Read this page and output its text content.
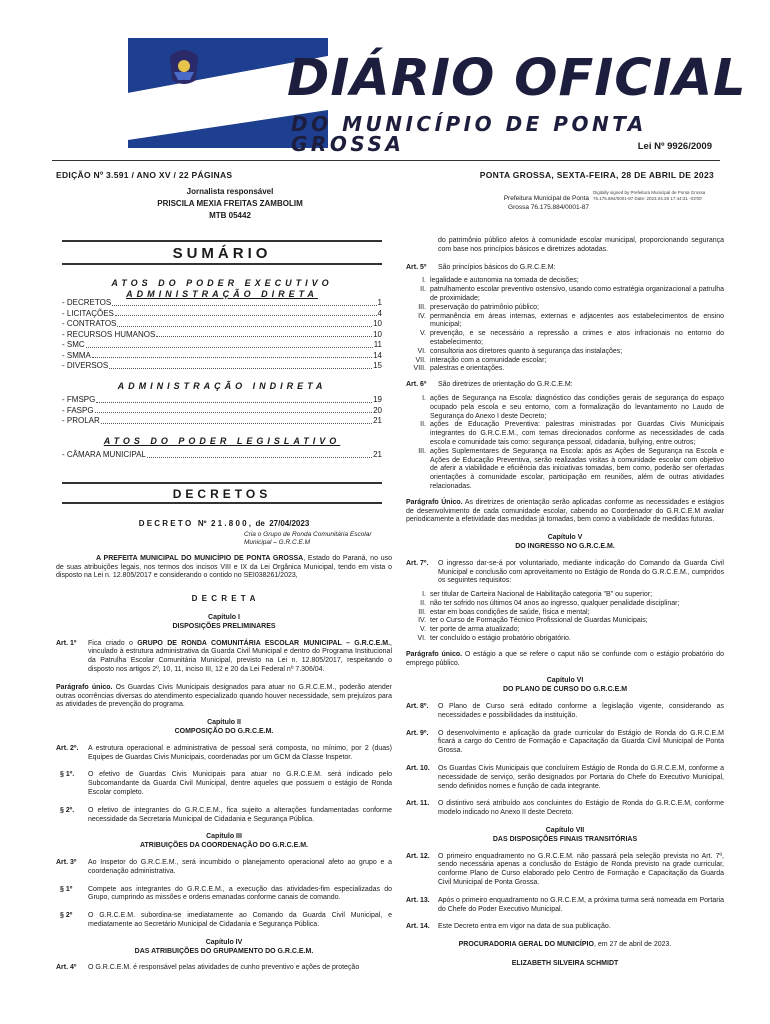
DIÁRIO OFICIAL
DO MUNICÍPIO DE PONTA GROSSA	Lei Nº 9926/2009
EDIÇÃO Nº 3.591 / ANO XV / 22 PÁGINAS	PONTA GROSSA, SEXTA-FEIRA, 28 DE ABRIL DE 2023
Jornalista responsável
PRISCILA MEXIA FREITAS ZAMBOLIM
MTB 05442
Prefeitura Municipal de Ponta Grossa 76.175.884/0001-87
Digitally signed by Prefeitura Municipal de Ponta Grossa 76.175.884/0001-87 Date: 2023.04.28 17:44:31 -03'00'
SUMÁRIO
ATOS DO PODER EXECUTIVO
ADMINISTRAÇÃO DIRETA
- DECRETOS	1
- LICITAÇÕES	4
- CONTRATOS	10
- RECURSOS HUMANOS	10
- SMC	11
- SMMA	14
- DIVERSOS	15
ADMINISTRAÇÃO INDIRETA
- FMSPG	19
- FASPG	20
- PROLAR	21
ATOS DO PODER LEGISLATIVO
- CÂMARA MUNICIPAL	21
DECRETOS
D E C R E T O   Nº  2 1 . 8 0 0 ,  de  27/04/2023
Cria o Grupo de Ronda Comunitária Escolar
Municipal – G.R.C.E.M
A PREFEITA MUNICIPAL DO MUNICÍPIO DE PONTA GROSSA, Estado do Paraná, no uso de suas atribuições legais, nos termos dos incisos VIII e IX da Lei Orgânica Municipal, tendo em vista o disposto na Lei n. 12.805/2017 e considerando o contido no SEI038261/2023,
D E C R E T A
Capítulo I
DISPOSIÇÕES PRELIMINARES
Art. 1º	Fica criado o GRUPO DE RONDA COMUNITÁRIA ESCOLAR MUNICIPAL – G.R.C.E.M., vinculado à estrutura administrativa da Guarda Civil Municipal e dentro do Programa Institucional da Patrulha Escolar Comunitária Municipal, previsto na Lei n. 12.805/2017, respeitando o disposto nos artigos 2º, 10, 11, inciso III, 12 e 20 da Lei Federal nº 7.306/04.
Parágrafo único. Os Guardas Civis Municipais designados para atuar no G.R.C.E.M., poderão atender outras ocorrências diversas do atendimento especializado quando houver necessidade, sem prejuízos para as atividades de prevenção do programa.
Capítulo II
COMPOSIÇÃO DO G.R.C.E.M.
Art. 2º.	A estrutura operacional e administrativa de pessoal será composta, no mínimo, por 2 (duas) Equipes de Guardas Civis Municipais, coordenadas por um GCM da Classe Inspetor.
§ 1º.	O efetivo de Guardas Civis Municipais para atuar no G.R.C.E.M. será indicado pelo Subcomandante da Guarda Civil Municipal, dentre aqueles que possuem o estágio de Ronda Escolar completo.
§ 2º.	O efetivo de integrantes do G.R.C.E.M., fica sujeito a alterações fundamentadas conforme necessidade da Secretaria Municipal de Cidadania e Segurança Pública.
Capítulo III
ATRIBUIÇÕES DA COORDENAÇÃO DO G.R.C.E.M.
Art. 3º	Ao Inspetor do G.R.C.E.M., será incumbido o planejamento operacional afeto ao grupo e a coordenação administrativa.
§ 1º	Compete aos integrantes do G.R.C.E.M., a execução das atividades-fim especializadas do Grupo, cumprindo as missões e ordens emanadas conforme canais de comando.
§ 2º	O G.R.C.E.M. subordina-se imediatamente ao Comando da Guarda Civil Municipal, e mediatamente ao Secretário Municipal de Cidadania e Segurança Pública.
Capítulo IV
DAS ATRIBUIÇÕES DO GRUPAMENTO DO G.R.C.E.M.
Art. 4º	O G.R.C.E.M. é responsável pelas atividades de cunho preventivo e ações de proteção
do patrimônio público afetos à comunidade escolar municipal, proporcionando segurança com base nos princípios básicos e diretrizes adotadas.
Art. 5º	São princípios básicos do G.R.C.E.M:
I. legalidade e autonomia na tomada de decisões;
II. patrulhamento escolar preventivo ostensivo, usando como estratégia organizacional a patrulha de proximidade;
III. preservação do patrimônio público;
IV. permanência em áreas internas, externas e adjacentes aos estabelecimentos de ensino municipal;
V. prevenção, e se necessário a repressão a crimes e atos infracionais no entorno do estabelecimento;
VI. consultoria aos diretores quanto à segurança das instalações;
VII. interação com a comunidade escolar;
VIII. palestras e orientações.
Art. 6º	São diretrizes de orientação do G.R.C.E.M:
I. ações de Segurança na Escola: diagnóstico das condições gerais de segurança do espaço ocupado pela escola e seu entorno, com a formalização do levantamento no Laudo de Segurança do Anexo I deste Decreto;
II. ações de Educação Preventiva: palestras ministradas por Guardas Civis Municipais integrantes do G.R.C.E.M., com temas direcionados conforme as necessidades de cada escola e comunidade tais como: segurança pessoal, cidadania, bullying, entre outros;
III. ações Suplementares de Segurança na Escola: após as Ações de Segurança na Escola e Ações de Educação Preventiva, serão realizadas visitas à comunidade escolar com objetivo de aferir a viabilidade e eficiência das iniciativas tomadas, bem como, poderão ser ofertadas orientações à comunidade escolar, participação em reuniões, além de outras atividades relacionadas.
Parágrafo Único. As diretrizes de orientação serão aplicadas conforme as necessidades e estágios de desenvolvimento de cada comunidade escolar, cabendo ao Coordenador do G.R.C.E.M avaliar periodicamente a efetividade das medidas já tomadas, bem como a viabilidade de medidas futuras.
Capítulo V
DO INGRESSO NO G.R.C.E.M.
Art. 7º.	O ingresso dar-se-á por voluntariado, mediante indicação do Comando da Guarda Civil Municipal e conclusão com aproveitamento no Estágio de Ronda do G.R.C.E.M., cumpridos os seguintes requisitos:
I. ser titular de Carteira Nacional de Habilitação categoria "B" ou superior;
II. não ter sofrido nos últimos 04 anos ao ingresso, qualquer penalidade disciplinar;
III. estar em boas condições de saúde, física e mental;
IV. ter o Curso de Formação Técnico Profissional de Guardas Municipais;
V. ter porte de arma atualizado;
VI. ter concluído o estágio probatório obrigatório.
Parágrafo único. O estágio a que se refere o caput não se confunde com o estágio probatório do emprego público.
Capítulo VI
DO PLANO DE CURSO DO G.R.C.E.M
Art. 8º.	O Plano de Curso será editado conforme a legislação vigente, considerando as necessidades e possibilidades da instituição.
Art. 9º.	O desenvolvimento e aplicação da grade curricular do Estágio de Ronda do G.R.C.E.M ficará a cargo do Centro de Formação e Capacitação da Guarda Civil Municipal de Ponta Grossa.
Art. 10.	Os Guardas Civis Municipais que concluírem Estágio de Ronda do G.R.C.E.M, conforme a necessidade de serviço, serão designados por Portaria do Chefe do Executivo Municipal, sendo definidos nomes e função de cada integrante.
Art. 11.	O distintivo será atribuído aos concluintes do Estágio de Ronda do G.R.C.E.M, conforme modelo indicado no Anexo II deste Decreto.
Capítulo VII
DAS DISPOSIÇÕES FINAIS TRANSITÓRIAS
Art. 12.	O primeiro enquadramento no G.R.C.E.M. não passará pela seleção prevista no Art. 7º, sendo necessária apenas a conclusão do Estágio de Ronda previsto na grade curricular, conforme Plano de Curso elaborado pelo Centro de Formação e Capacitação da Guarda Civil Municipal de Ponta Grossa.
Art. 13.	Após o primeiro enquadramento no G.R.C.E.M, a próxima turma será nomeada em Portaria do Chefe do Poder Executivo Municipal.
Art. 14.	Este Decreto entra em vigor na data de sua publicação.
PROCURADORIA GERAL DO MUNICÍPIO, em 27 de abril de 2023.
ELIZABETH SILVEIRA SCHMIDT
